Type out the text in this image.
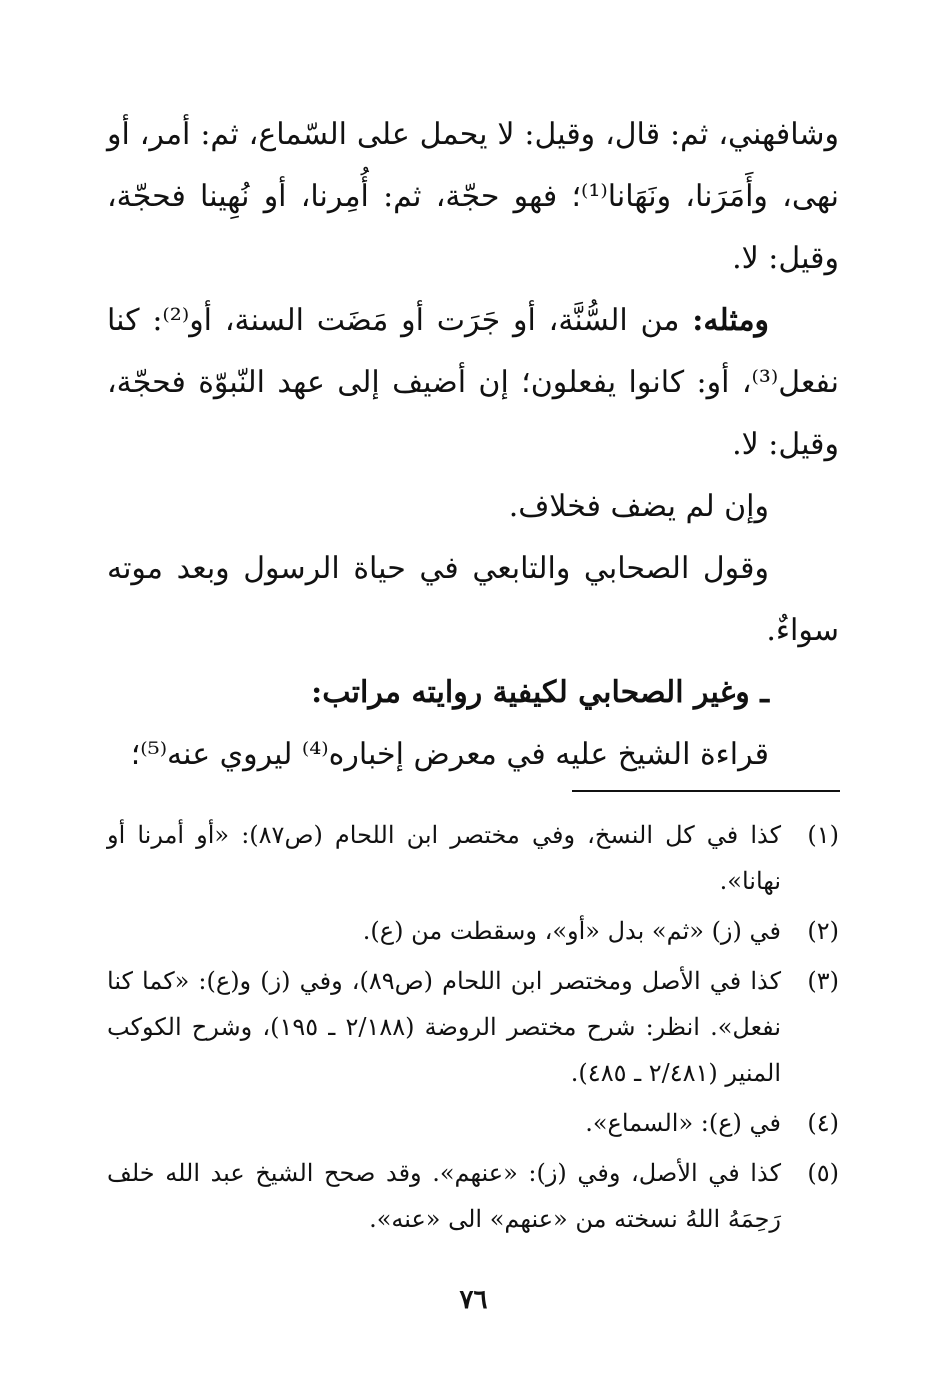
وشافهني، ثم: قال، وقيل: لا يحمل على السّماع، ثم: أمر، أو نهى، وأَمَرَنا، ونَهَانا⁽¹⁾؛ فهو حجّة، ثم: أُمِرنا، أو نُهِينا فحجّة، وقيل: لا.

ومثله: من السُّنَّة، أو جَرَت أو مَضَت السنة، أو⁽²⁾: كنا نفعل⁽³⁾، أو: كانوا يفعلون؛ إن أضيف إلى عهد النّبوّة فحجّة، وقيل: لا.

وإن لم يضف فخلاف.

وقول الصحابي والتابعي في حياة الرسول وبعد موته سواءٌ.

ـ وغير الصحابي لكيفية روايته مراتب:

قراءة الشيخ عليه في معرض إخباره⁽⁴⁾ ليروي عنه⁽⁵⁾؛

(١)
كذا في كل النسخ، وفي مختصر ابن اللحام (ص٨٧): «أو أمرنا أو نهانا».
(٢)
في (ز) «ثم» بدل «أو»، وسقطت من (ع).
(٣)
كذا في الأصل ومختصر ابن اللحام (ص٨٩)، وفي (ز) و(ع): «كما كنا نفعل». انظر: شرح مختصر الروضة (٢/١٨٨ ـ ١٩٥)، وشرح الكوكب المنير (٢/٤٨١ ـ ٤٨٥).
(٤)
في (ع): «السماع».
(٥)
كذا في الأصل، وفي (ز): «عنهم». وقد صحح الشيخ عبد الله خلف رَحِمَهُ اللهُ نسخته من «عنهم» الى «عنه».
٧٦
